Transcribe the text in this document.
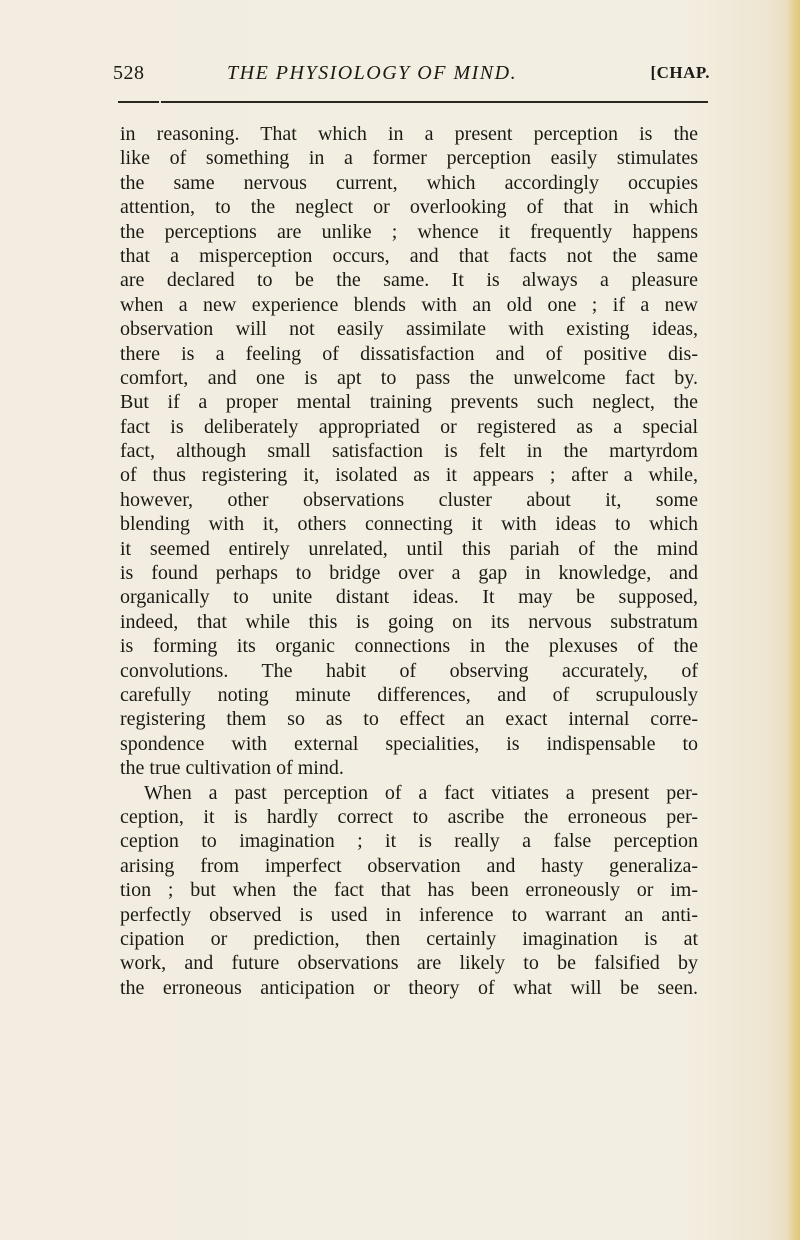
528	THE PHYSIOLOGY OF MIND.	[CHAP.
in reasoning. That which in a present perception is the
like of something in a former perception easily stimulates
the same nervous current, which accordingly occupies
attention, to the neglect or overlooking of that in which
the perceptions are unlike ; whence it frequently happens
that a misperception occurs, and that facts not the same
are declared to be the same. It is always a pleasure
when a new experience blends with an old one ; if a new
observation will not easily assimilate with existing ideas,
there is a feeling of dissatisfaction and of positive dis-
comfort, and one is apt to pass the unwelcome fact by.
But if a proper mental training prevents such neglect, the
fact is deliberately appropriated or registered as a special
fact, although small satisfaction is felt in the martyrdom
of thus registering it, isolated as it appears ; after a while,
however, other observations cluster about it, some
blending with it, others connecting it with ideas to which
it seemed entirely unrelated, until this pariah of the mind
is found perhaps to bridge over a gap in knowledge, and
organically to unite distant ideas. It may be supposed,
indeed, that while this is going on its nervous substratum
is forming its organic connections in the plexuses of the
convolutions. The habit of observing accurately, of
carefully noting minute differences, and of scrupulously
registering them so as to effect an exact internal corre-
spondence with external specialities, is indispensable to
the true cultivation of mind.
When a past perception of a fact vitiates a present per-
ception, it is hardly correct to ascribe the erroneous per-
ception to imagination ; it is really a false perception
arising from imperfect observation and hasty generaliza-
tion ; but when the fact that has been erroneously or im-
perfectly observed is used in inference to warrant an anti-
cipation or prediction, then certainly imagination is at
work, and future observations are likely to be falsified by
the erroneous anticipation or theory of what will be seen.
